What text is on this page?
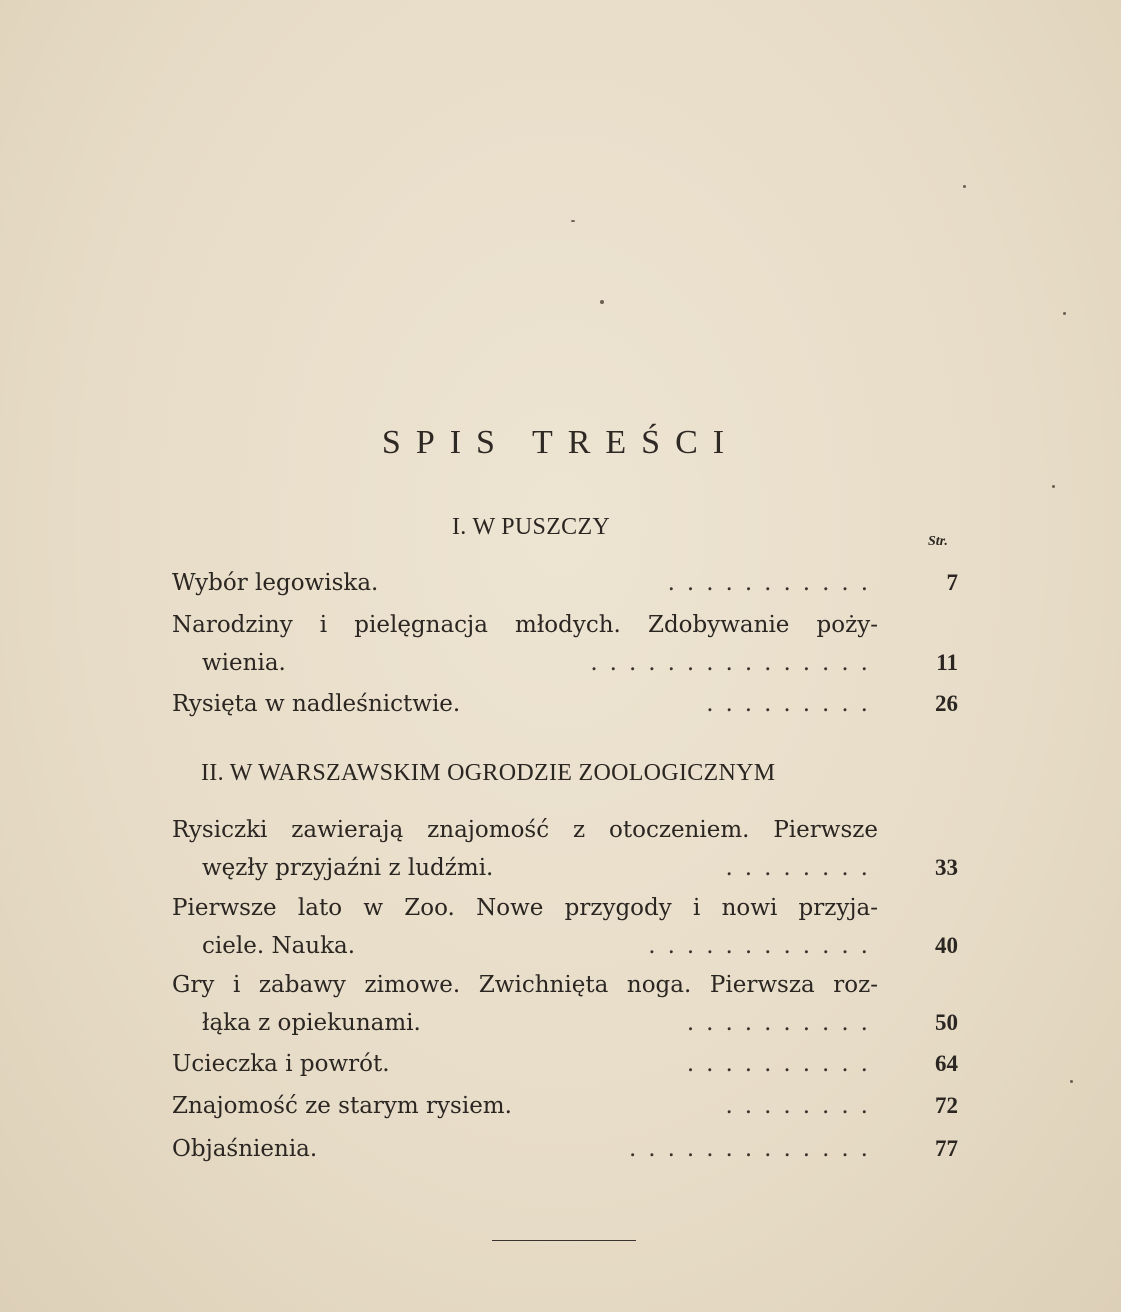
SPIS TREŚCI
I. W PUSZCZY
Str.
Wybór legowiska.	...........	7
Narodziny i pielęgnacja młodych. Zdobywanie poży-
wienia.	............... 11
Rysięta w nadleśnictwie.	......... 26
II. W WARSZAWSKIM OGRODZIE ZOOLOGICZNYM
Rysiczki zawierają znajomość z otoczeniem. Pierwsze
węzły przyjaźni z ludźmi.	........ 33
Pierwsze lato w Zoo. Nowe przygody i nowi przyja-
ciele. Nauka.	............ 40
Gry i zabawy zimowe. Zwichnięta noga. Pierwsza roz-
łąka z opiekunami.	.......... 50
Ucieczka i powrót.	.......... 64
Znajomość ze starym rysiem.	........ 72
Objaśnienia.	............. 77
